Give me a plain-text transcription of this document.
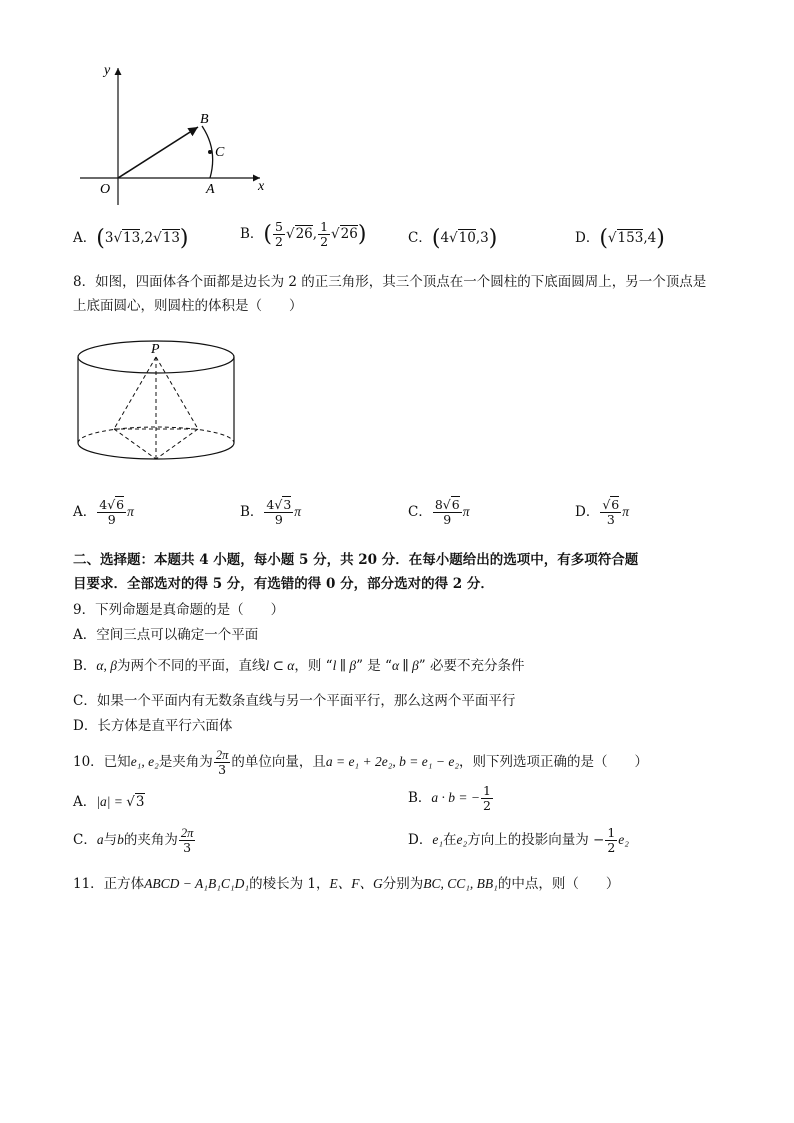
y
B
C
O	A	x
A．(3√13,2√13)	B．( $\frac{5}{2} √26$, $\frac{1}{2} √26$)	C．(4√10,3)	D．(√153,4)
8．如图，四面体各个面都是边长为 2 的正三角形，其三个顶点在一个圆柱的下底面圆周上，另一个顶点是
上底面圆心，则圆柱的体积是（　　）
P
A． $\frac{4√6}{9}$ π	B． $\frac{4√3}{9}$ π	C． $\frac{8√6}{9}$ π	D． $\frac{√6}{3}$ π
二、选择题：本题共 4 小题，每小题 5 分，共 20 分．在每小题给出的选项中，有多项符合题
目要求．全部选对的得 5 分，有选错的得 0 分，部分选对的得 2 分．
9．下列命题是真命题的是（　　）
A．空间三点可以确定一个平面
B．α, β为两个不同的平面，直线l ⊂ α，则 “l ∥ β” 是 “α ∥ β” 必要不充分条件
C．如果一个平面内有无数条直线与另一个平面平行，那么这两个平面平行
D．长方体是直平行六面体
10．已知e₁, e₂是夹角为 $\frac{2\pi}{3}$ 的单位向量，且a = e₁ + 2e₂, b = e₁ − e₂，则下列选项正确的是（　　）
A．|a| = √3	B．a · b = − $\frac{1}{2}$
C．a与b的夹角为 $\frac{2\pi}{3}$	D．e₁在e₂方向上的投影向量为 − $\frac{1}{2} e_2$
11．正方体ABCD − A₁B₁C₁D₁的棱长为 1，E、F、G分别为BC, CC₁, BB₁的中点，则（　　）
